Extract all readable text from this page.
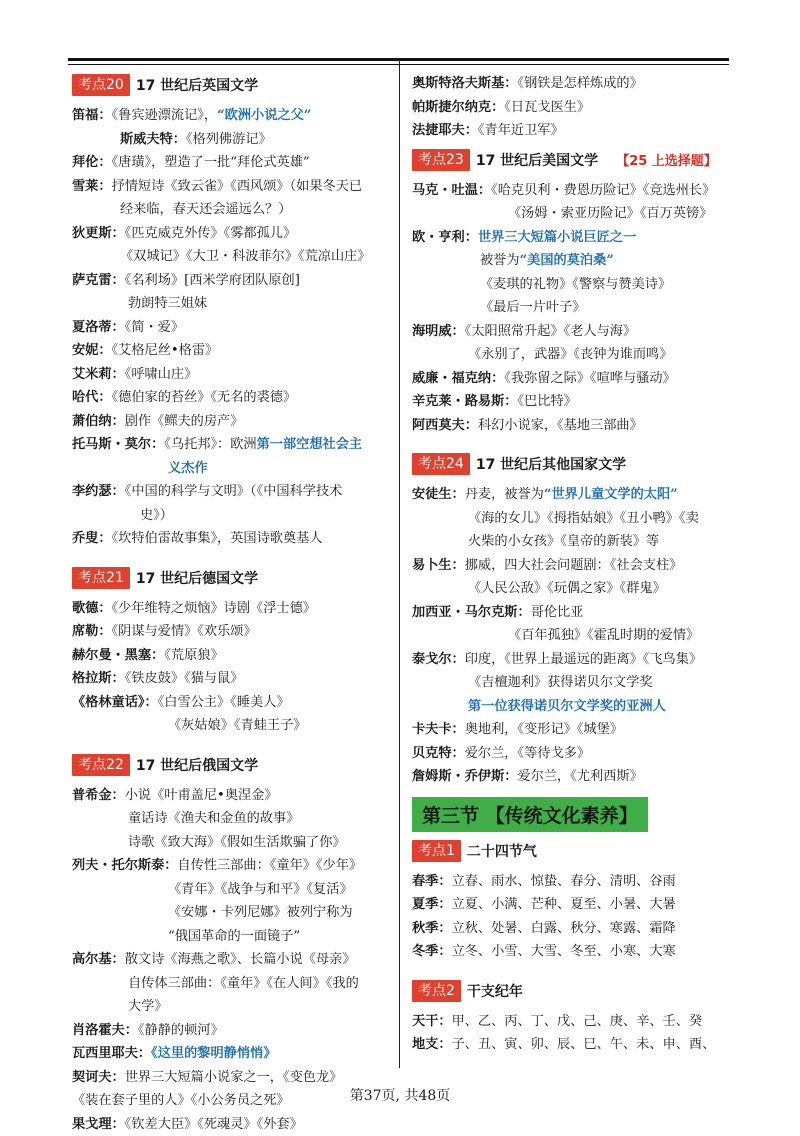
考点20 17 世纪后英国文学
笛福：《鲁宾逊漂流记》，“欧洲小说之父”
斯威夫特：《格列佛游记》
拜伦：《唐璜》，塑造了一批“拜伦式英雄”
雪莱：抒情短诗《致云雀》《西风颂》（如果冬天已
经来临，春天还会遥远么？）
狄更斯：《匹克威克外传》《雾都孤儿》
《双城记》《大卫・科波菲尔》《荒凉山庄》
萨克雷：《名利场》[西米学府团队原创]
勃朗特三姐妹
夏洛蒂：《简・爱》
安妮：《艾格尼丝•格雷》
艾米莉：《呼啸山庄》
哈代：《德伯家的苔丝》《无名的裘德》
萧伯纳：剧作《鳏夫的房产》
托马斯・莫尔：《乌托邦》：欧洲第一部空想社会主
义杰作
李约瑟：《中国的科学与文明》（《中国科学技术
史》）
乔叟：《坎特伯雷故事集》，英国诗歌奠基人
考点21 17 世纪后德国文学
歌德：《少年维特之烦恼》诗剧《浮士德》
席勒：《阴谋与爱情》《欢乐颂》
赫尔曼・黑塞：《荒原狼》
格拉斯：《铁皮鼓》《猫与鼠》
《格林童话》：《白雪公主》《睡美人》
《灰姑娘》《青蛙王子》
考点22 17 世纪后俄国文学
普希金：小说《叶甫盖尼•奥涅金》
童话诗《渔夫和金鱼的故事》
诗歌《致大海》《假如生活欺骗了你》
列夫・托尔斯泰：自传性三部曲：《童年》《少年》
《青年》《战争与和平》《复活》
《安娜・卡列尼娜》被列宁称为
“俄国革命的一面镜子”
高尔基：散文诗《海燕之歌》、长篇小说《母亲》
自传体三部曲：《童年》《在人间》《我的
大学》
肖洛霍夫：《静静的顿河》
瓦西里耶夫：《这里的黎明静悄悄》
契诃夫：世界三大短篇小说家之一，《变色龙》
《装在套子里的人》《小公务员之死》
果戈理：《钦差大臣》《死魂灵》《外套》
奥斯特洛夫斯基：《钢铁是怎样炼成的》
帕斯捷尔纳克：《日瓦戈医生》
法捷耶夫：《青年近卫军》
考点23 17 世纪后美国文学 【25 上选择题】
马克・吐温：《哈克贝利・费恩历险记》《竞选州长》
《汤姆・索亚历险记》《百万英镑》
欧・亨利：世界三大短篇小说巨匠之一
被誉为“美国的莫泊桑”
《麦琪的礼物》《警察与赞美诗》
《最后一片叶子》
海明威：《太阳照常升起》《老人与海》
《永别了，武器》《丧钟为谁而鸣》
威廉・福克纳：《我弥留之际》《喧哗与骚动》
辛克莱・路易斯：《巴比特》
阿西莫夫：科幻小说家，《基地三部曲》
考点24 17 世纪后其他国家文学
安徒生：丹麦，被誉为“世界儿童文学的太阳”
《海的女儿》《拇指姑娘》《丑小鸭》《卖
火柴的小女孩》《皇帝的新装》等
易卜生：挪威，四大社会问题剧：《社会支柱》
《人民公敌》《玩偶之家》《群鬼》
加西亚・马尔克斯：哥伦比亚
《百年孤独》《霍乱时期的爱情》
泰戈尔：印度，《世界上最遥远的距离》《飞鸟集》
《吉檀迦利》获得诺贝尔文学奖
第一位获得诺贝尔文学奖的亚洲人
卡夫卡：奥地利，《变形记》《城堡》
贝克特：爱尔兰，《等待戈多》
詹姆斯・乔伊斯：爱尔兰，《尤利西斯》
第三节 【传统文化素养】
考点1 二十四节气
春季：立春、雨水、惊蛰、春分、清明、谷雨
夏季：立夏、小满、芒种、夏至、小暑、大暑
秋季：立秋、处暑、白露、秋分、寒露、霜降
冬季：立冬、小雪、大雪、冬至、小寒、大寒
考点2 干支纪年
天干：甲、乙、丙、丁、戊、己、庚、辛、壬、癸
地支：子、丑、寅、卯、辰、巳、午、未、申、酉、
第37页, 共48页
